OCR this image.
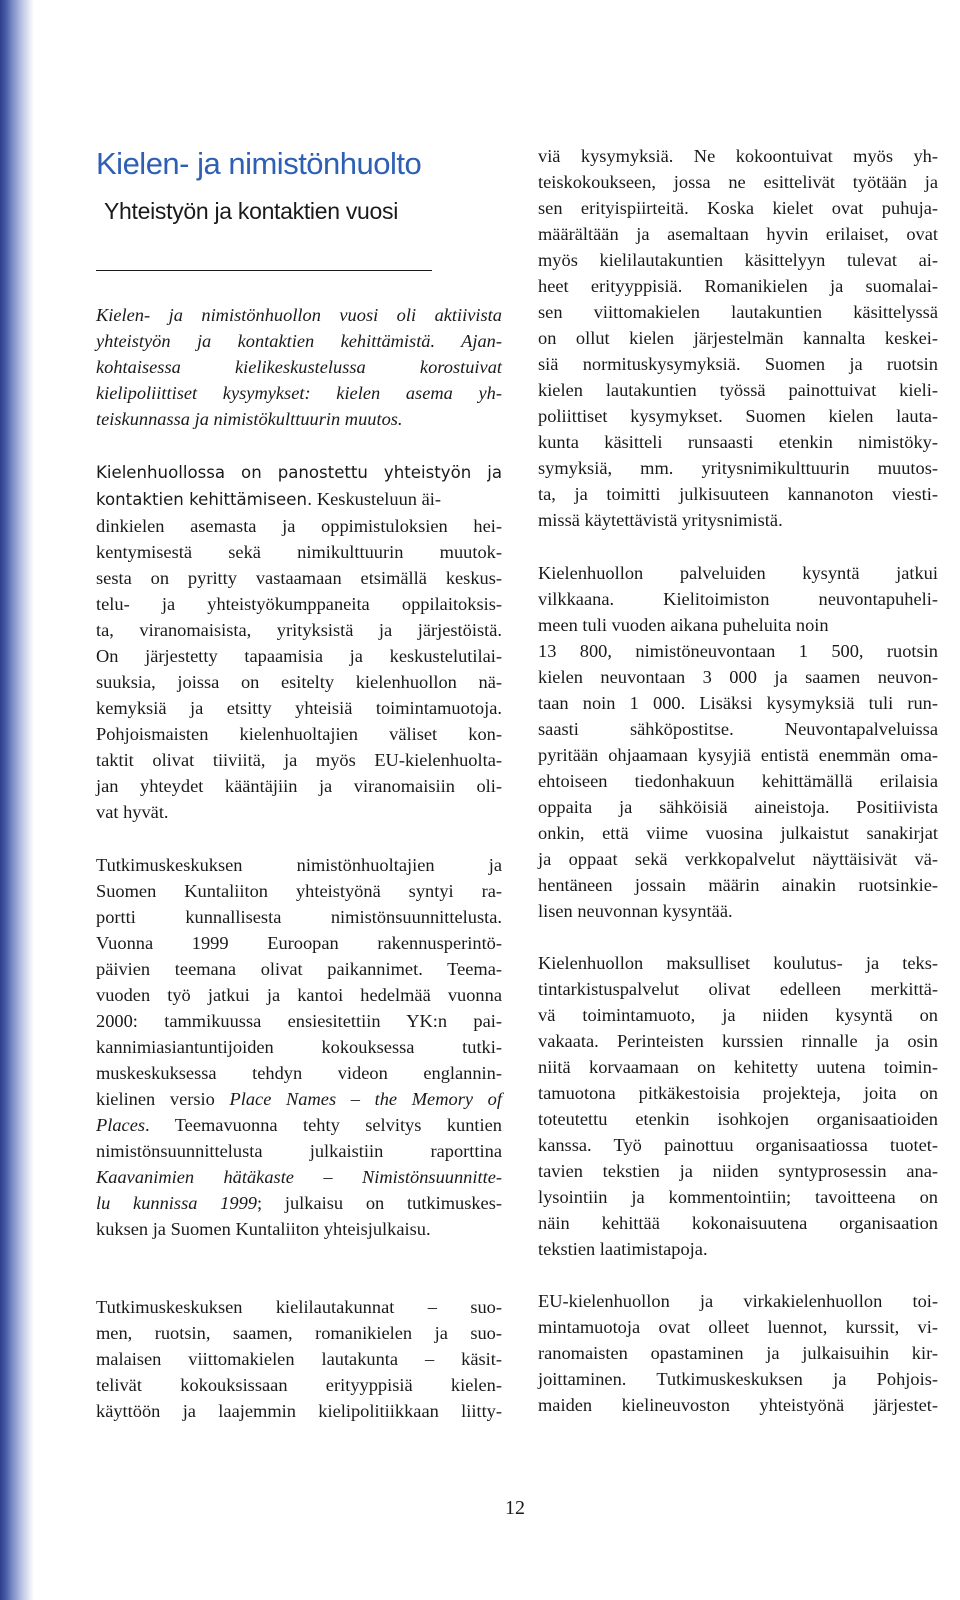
Kielen- ja nimistönhuolto
Yhteistyön ja kontaktien vuosi
Kielen- ja nimistönhuollon vuosi oli aktiivista
yhteistyön ja kontaktien kehittämistä. Ajan-
kohtaisessa kielikeskustelussa korostuivat
kielipoliittiset kysymykset: kielen asema yh-
teiskunnassa ja nimistökulttuurin muutos.
Kielenhuollossa on panostettu yhteistyön ja
kontaktien kehittämiseen. Keskusteluun äi-
dinkielen asemasta ja oppimistuloksien hei-
kentymisestä sekä nimikulttuurin muutok-
sesta on pyritty vastaamaan etsimällä keskus-
telu- ja yhteistyökumppaneita oppilaitoksis-
ta, viranomaisista, yrityksistä ja järjestöistä.
On järjestetty tapaamisia ja keskustelutilai-
suuksia, joissa on esitelty kielenhuollon nä-
kemyksiä ja etsitty yhteisiä toimintamuotoja.
Pohjoismaisten kielenhuoltajien väliset kon-
taktit olivat tiiviitä, ja myös EU-kielenhuolta-
jan yhteydet kääntäjiin ja viranomaisiin oli-
vat hyvät.
Tutkimuskeskuksen nimistönhuoltajien ja
Suomen Kuntaliiton yhteistyönä syntyi ra-
portti kunnallisesta nimistönsuunnittelusta.
Vuonna 1999 Euroopan rakennusperintö-
päivien teemana olivat paikannimet. Teema-
vuoden työ jatkui ja kantoi hedelmää vuonna
2000: tammikuussa ensiesitettiin YK:n pai-
kannimiasiantuntijoiden kokouksessa tutki-
muskeskuksessa tehdyn videon englannin-
kielinen versio Place Names – the Memory of
Places. Teemavuonna tehty selvitys kuntien
nimistönsuunnittelusta julkaistiin raporttina
Kaavanimien hätäkaste – Nimistönsuunnitte-
lu kunnissa 1999; julkaisu on tutkimuskes-
kuksen ja Suomen Kuntaliiton yhteisjulkaisu.
Tutkimuskeskuksen kielilautakunnat – suo-
men, ruotsin, saamen, romanikielen ja suo-
malaisen viittomakielen lautakunta – käsit-
telivät kokouksissaan erityyppisiä kielen-
käyttöön ja laajemmin kielipolitiikkaan liitty-
viä kysymyksiä. Ne kokoontuivat myös yh-
teiskokoukseen, jossa ne esittelivät työtään ja
sen erityispiirteitä. Koska kielet ovat puhuja-
määrältään ja asemaltaan hyvin erilaiset, ovat
myös kielilautakuntien käsittelyyn tulevat ai-
heet erityyppisiä. Romanikielen ja suomalai-
sen viittomakielen lautakuntien käsittelyssä
on ollut kielen järjestelmän kannalta keskei-
siä normituskysymyksiä. Suomen ja ruotsin
kielen lautakuntien työssä painottuivat kieli-
poliittiset kysymykset. Suomen kielen lauta-
kunta käsitteli runsaasti etenkin nimistöky-
symyksiä, mm. yritysnimikulttuurin muutos-
ta, ja toimitti julkisuuteen kannanoton viesti-
missä käytettävistä yritysnimistä.
Kielenhuollon palveluiden kysyntä jatkui
vilkkaana. Kielitoimiston neuvontapuheli-
meen tuli vuoden aikana puheluita noin
13 800, nimistöneuvontaan 1 500, ruotsin
kielen neuvontaan 3 000 ja saamen neuvon-
taan noin 1 000. Lisäksi kysymyksiä tuli run-
saasti sähköpostitse. Neuvontapalveluissa
pyritään ohjaamaan kysyjiä entistä enemmän oma-
ehtoiseen tiedonhakuun kehittämällä erilaisia
oppaita ja sähköisiä aineistoja. Positiivista
onkin, että viime vuosina julkaistut sanakirjat
ja oppaat sekä verkkopalvelut näyttäisivät vä-
hentäneen jossain määrin ainakin ruotsinkie-
lisen neuvonnan kysyntää.
Kielenhuollon maksulliset koulutus- ja teks-
tintarkistuspalvelut olivat edelleen merkittä-
vä toimintamuoto, ja niiden kysyntä on
vakaata. Perinteisten kurssien rinnalle ja osin
niitä korvaamaan on kehitetty uutena toimin-
tamuotona pitkäkestoisia projekteja, joita on
toteutettu etenkin isohkojen organisaatioiden
kanssa. Työ painottuu organisaatiossa tuotet-
tavien tekstien ja niiden syntyprosessin ana-
lysointiin ja kommentointiin; tavoitteena on
näin kehittää kokonaisuutena organisaation
tekstien laatimistapoja.
EU-kielenhuollon ja virkakielenhuollon toi-
mintamuotoja ovat olleet luennot, kurssit, vi-
ranomaisten opastaminen ja julkaisuihin kir-
joittaminen. Tutkimuskeskuksen ja Pohjois-
maiden kielineuvoston yhteistyönä järjestet-
12
